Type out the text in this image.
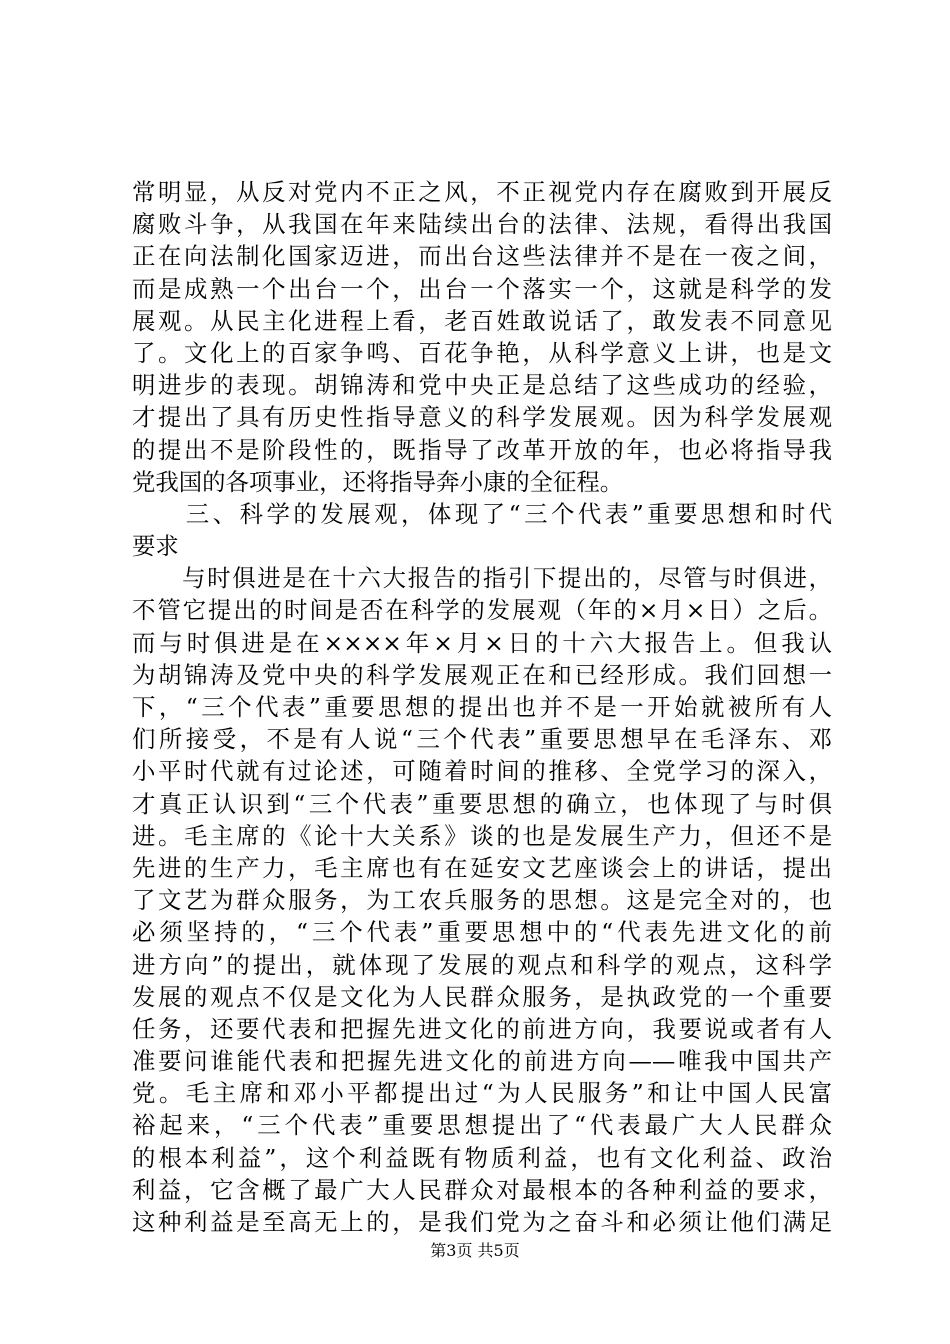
常明显，从反对党内不正之风，不正视党内存在腐败到开展反
腐败斗争，从我国在年来陆续出台的法律、法规，看得出我国
正在向法制化国家迈进，而出台这些法律并不是在一夜之间，
而是成熟一个出台一个，出台一个落实一个，这就是科学的发
展观。从民主化进程上看，老百姓敢说话了，敢发表不同意见
了。文化上的百家争鸣、百花争艳，从科学意义上讲，也是文
明进步的表现。胡锦涛和党中央正是总结了这些成功的经验，
才提出了具有历史性指导意义的科学发展观。因为科学发展观
的提出不是阶段性的，既指导了改革开放的年，也必将指导我
党我国的各项事业，还将指导奔小康的全征程。
　　三、科学的发展观，体现了“三个代表”重要思想和时代
要求
　　与时俱进是在十六大报告的指引下提出的，尽管与时俱进，
不管它提出的时间是否在科学的发展观（年的×月×日）之后。
而与时俱进是在××××年×月×日的十六大报告上。但我认
为胡锦涛及党中央的科学发展观正在和已经形成。我们回想一
下，“三个代表”重要思想的提出也并不是一开始就被所有人
们所接受，不是有人说“三个代表”重要思想早在毛泽东、邓
小平时代就有过论述，可随着时间的推移、全党学习的深入，
才真正认识到“三个代表”重要思想的确立，也体现了与时俱
进。毛主席的《论十大关系》谈的也是发展生产力，但还不是
先进的生产力，毛主席也有在延安文艺座谈会上的讲话，提出
了文艺为群众服务，为工农兵服务的思想。这是完全对的，也
必须坚持的，“三个代表”重要思想中的“代表先进文化的前
进方向”的提出，就体现了发展的观点和科学的观点，这科学
发展的观点不仅是文化为人民群众服务，是执政党的一个重要
任务，还要代表和把握先进文化的前进方向，我要说或者有人
准要问谁能代表和把握先进文化的前进方向——唯我中国共产
党。毛主席和邓小平都提出过“为人民服务”和让中国人民富
裕起来，“三个代表”重要思想提出了“代表最广大人民群众
的根本利益”，这个利益既有物质利益，也有文化利益、政治
利益，它含概了最广大人民群众对最根本的各种利益的要求，
这种利益是至高无上的，是我们党为之奋斗和必须让他们满足
第3页 共5页
